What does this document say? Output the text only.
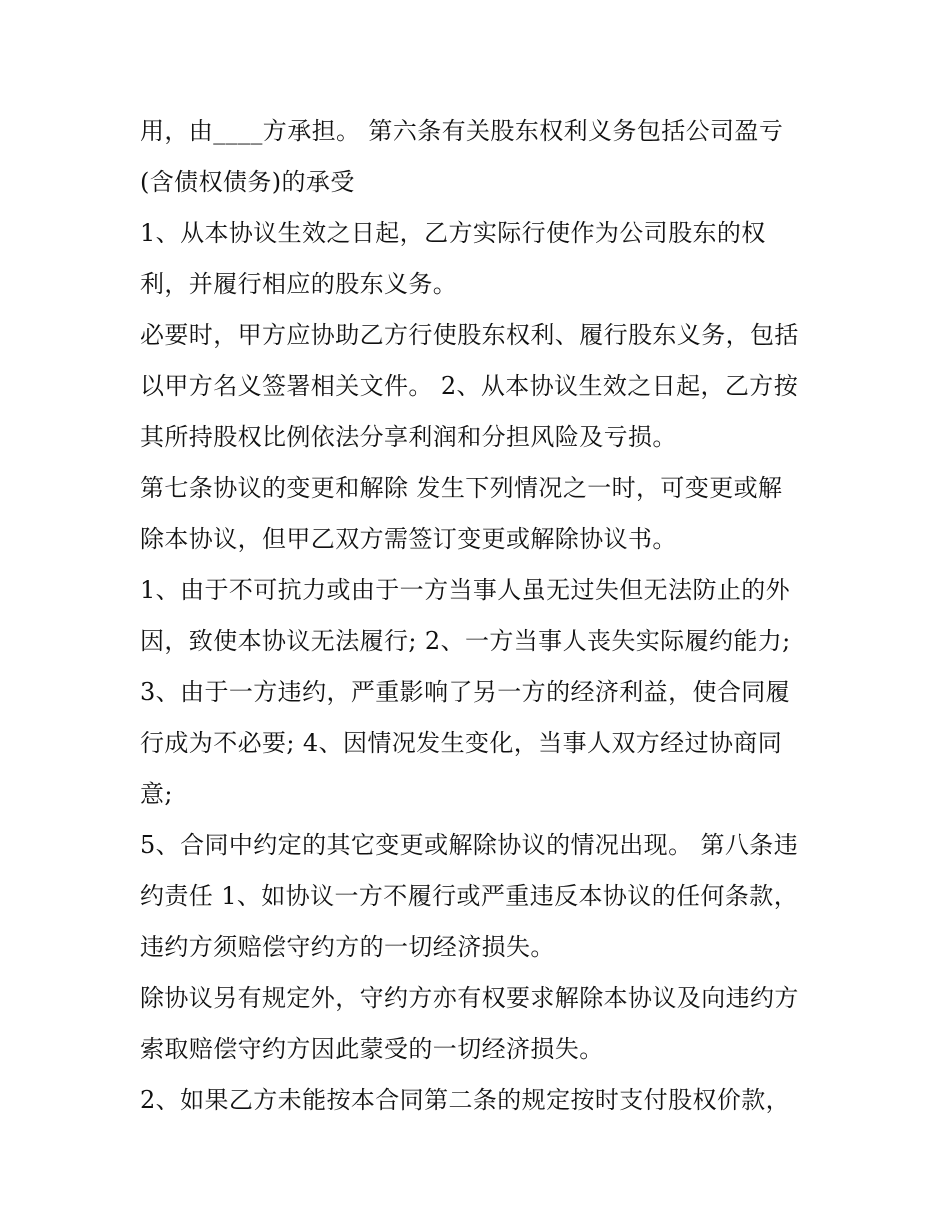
用，由____方承担。 第六条有关股东权利义务包括公司盈亏
(含债权债务)的承受
1、从本协议生效之日起，乙方实际行使作为公司股东的权
利，并履行相应的股东义务。
必要时，甲方应协助乙方行使股东权利、履行股东义务，包括
以甲方名义签署相关文件。 2、从本协议生效之日起，乙方按
其所持股权比例依法分享利润和分担风险及亏损。
第七条协议的变更和解除 发生下列情况之一时，可变更或解
除本协议，但甲乙双方需签订变更或解除协议书。
1、由于不可抗力或由于一方当事人虽无过失但无法防止的外
因，致使本协议无法履行; 2、一方当事人丧失实际履约能力;
3、由于一方违约，严重影响了另一方的经济利益，使合同履
行成为不必要; 4、因情况发生变化，当事人双方经过协商同
意;
5、合同中约定的其它变更或解除协议的情况出现。 第八条违
约责任 1、如协议一方不履行或严重违反本协议的任何条款，
违约方须赔偿守约方的一切经济损失。
除协议另有规定外，守约方亦有权要求解除本协议及向违约方
索取赔偿守约方因此蒙受的一切经济损失。
2、如果乙方未能按本合同第二条的规定按时支付股权价款，
